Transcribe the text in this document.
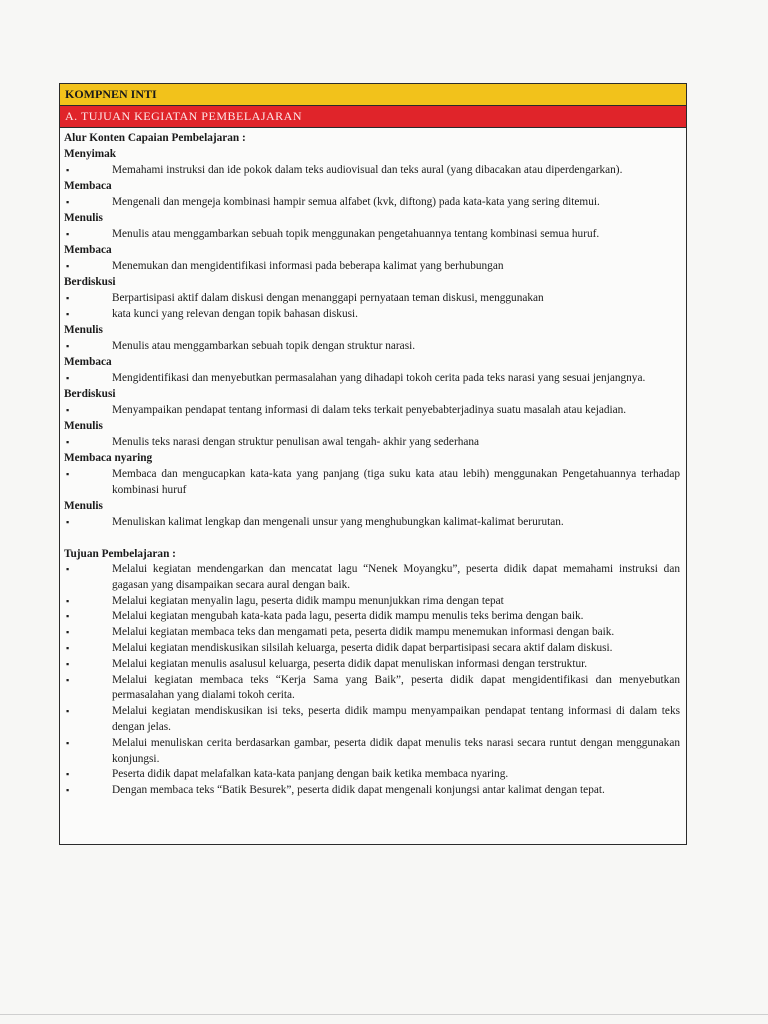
KOMPNEN INTI
A. TUJUAN KEGIATAN PEMBELAJARAN
Alur Konten Capaian Pembelajaran :
Menyimak
▪	Memahami instruksi dan ide pokok dalam teks audiovisual dan teks aural (yang dibacakan atau diperdengarkan).
Membaca
▪	Mengenali dan mengeja kombinasi hampir semua alfabet (kvk, diftong) pada kata-kata yang sering ditemui.
Menulis
▪	Menulis atau menggambarkan sebuah topik menggunakan pengetahuannya tentang kombinasi semua huruf.
Membaca
▪	Menemukan dan mengidentifikasi informasi pada beberapa kalimat yang berhubungan
Berdiskusi
▪	Berpartisipasi aktif dalam diskusi dengan menanggapi pernyataan teman diskusi, menggunakan
▪	kata kunci yang relevan dengan topik bahasan diskusi.
Menulis
▪	Menulis atau menggambarkan sebuah topik dengan struktur narasi.
Membaca
▪	Mengidentifikasi dan menyebutkan permasalahan yang dihadapi tokoh cerita pada teks narasi yang sesuai jenjangnya.
Berdiskusi
▪	Menyampaikan pendapat tentang informasi di dalam teks terkait penyebabterjadinya suatu masalah atau kejadian.
Menulis
▪	Menulis teks narasi dengan struktur penulisan awal tengah- akhir yang sederhana
Membaca nyaring
▪	Membaca dan mengucapkan kata-kata yang panjang (tiga suku kata atau lebih) menggunakan Pengetahuannya terhadap kombinasi huruf
Menulis
▪	Menuliskan kalimat lengkap dan mengenali unsur yang menghubungkan kalimat-kalimat berurutan.
Tujuan Pembelajaran :
▪	Melalui kegiatan mendengarkan dan mencatat lagu “Nenek Moyangku”, peserta didik dapat memahami instruksi dan gagasan yang disampaikan secara aural dengan baik.
▪	Melalui kegiatan menyalin lagu, peserta didik mampu menunjukkan rima dengan tepat
▪	Melalui kegiatan mengubah kata-kata pada lagu, peserta didik mampu menulis teks berima dengan baik.
▪	Melalui kegiatan membaca teks dan mengamati peta, peserta didik mampu menemukan informasi dengan baik.
▪	Melalui kegiatan mendiskusikan silsilah keluarga, peserta didik dapat berpartisipasi secara aktif dalam diskusi.
▪	Melalui kegiatan menulis asalusul keluarga, peserta didik dapat menuliskan informasi dengan terstruktur.
▪	Melalui kegiatan membaca teks “Kerja Sama yang Baik”, peserta didik dapat mengidentifikasi dan menyebutkan permasalahan yang dialami tokoh cerita.
▪	Melalui kegiatan mendiskusikan isi teks, peserta didik mampu menyampaikan pendapat tentang informasi di dalam teks dengan jelas.
▪	Melalui menuliskan cerita berdasarkan gambar, peserta didik dapat menulis teks narasi secara runtut dengan menggunakan konjungsi.
▪	Peserta didik dapat melafalkan kata-kata panjang dengan baik ketika membaca nyaring.
▪	Dengan membaca teks “Batik Besurek”, peserta didik dapat mengenali konjungsi antar kalimat dengan tepat.
